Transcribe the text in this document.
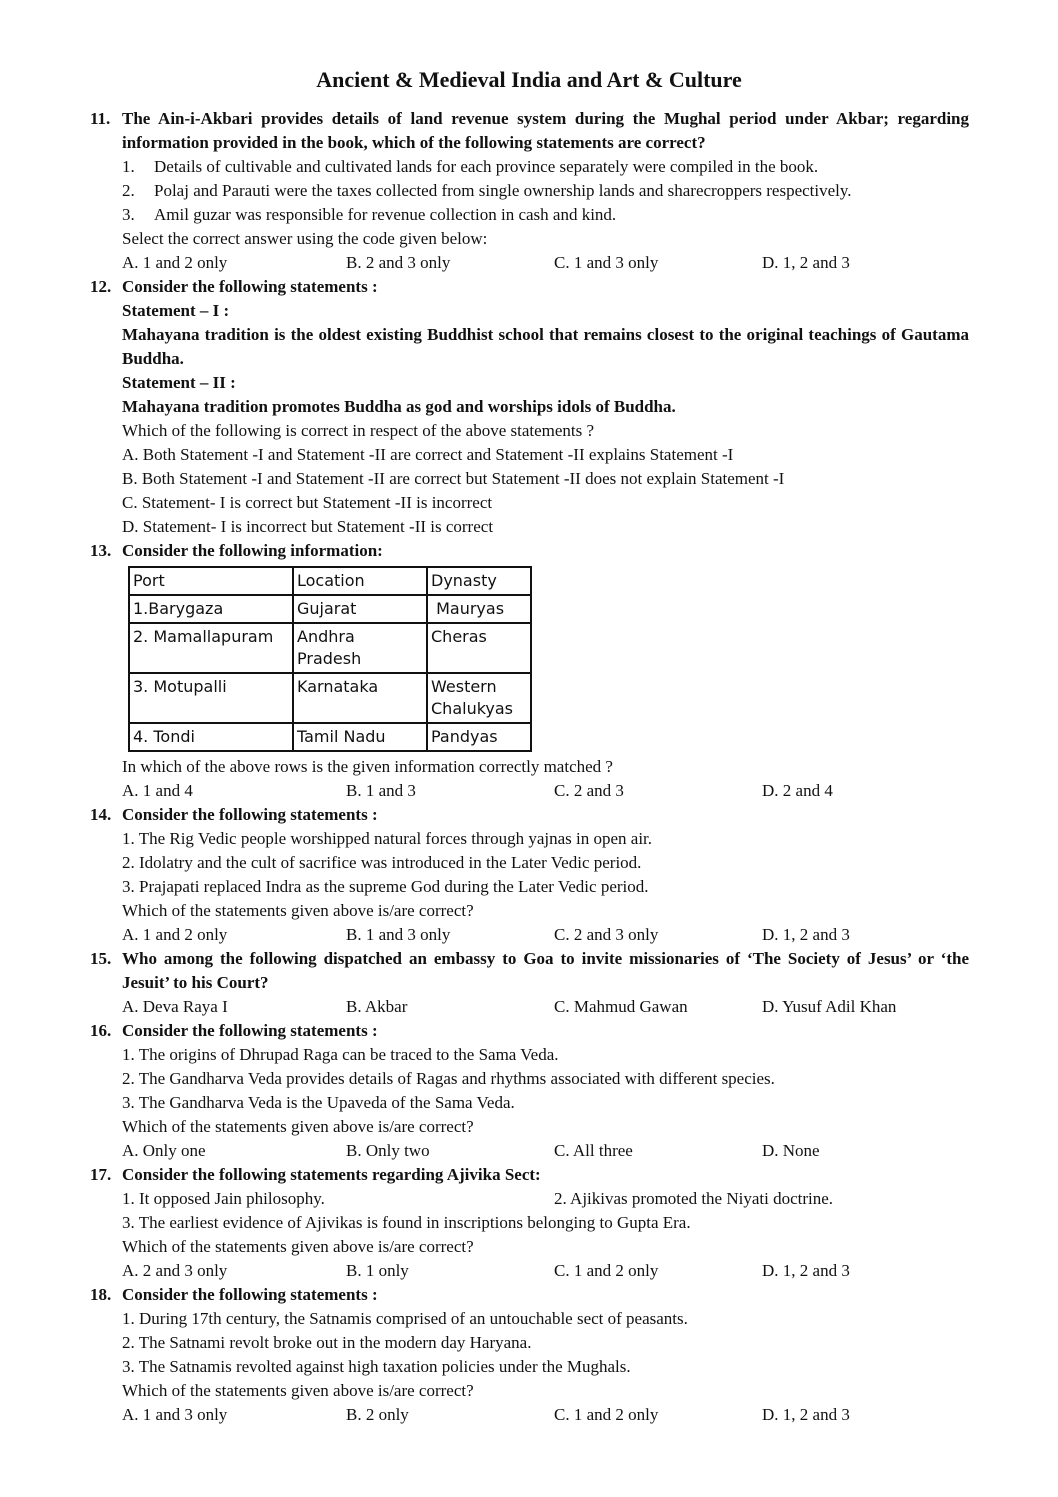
Ancient & Medieval India and Art & Culture
11. The Ain-i-Akbari provides details of land revenue system during the Mughal period under Akbar; regarding information provided in the book, which of the following statements are correct?
1.	Details of cultivable and cultivated lands for each province separately were compiled in the book.
2.	Polaj and Parauti were the taxes collected from single ownership lands and sharecroppers respectively.
3.	Amil guzar was responsible for revenue collection in cash and kind.
Select the correct answer using the code given below:
A. 1 and 2 only	B. 2 and 3 only	C. 1 and 3 only	D. 1, 2 and 3
12. Consider the following statements :
Statement – I :
Mahayana tradition is the oldest existing Buddhist school that remains closest to the original teachings of Gautama Buddha.
Statement – II :
Mahayana tradition promotes Buddha as god and worships idols of Buddha.
Which of the following is correct in respect of the above statements ?
A. Both Statement -I and Statement -II are correct and Statement -II explains Statement -I
B. Both Statement -I and Statement -II are correct but Statement -II does not explain Statement -I
C. Statement- I is correct but Statement -II is incorrect
D. Statement- I is incorrect but Statement -II is correct
13. Consider the following information:
Port	Location	Dynasty
1.Barygaza	Gujarat	Mauryas
2. Mamallapuram	Andhra Pradesh	Cheras
3. Motupalli	Karnataka	Western Chalukyas
4. Tondi	Tamil Nadu	Pandyas
In which of the above rows is the given information correctly matched ?
A. 1 and 4	B. 1 and 3	C. 2 and 3	D. 2 and 4
14. Consider the following statements :
1. The Rig Vedic people worshipped natural forces through yajnas in open air.
2. Idolatry and the cult of sacrifice was introduced in the Later Vedic period.
3. Prajapati replaced Indra as the supreme God during the Later Vedic period.
Which of the statements given above is/are correct?
A. 1 and 2 only	B. 1 and 3 only	C. 2 and 3 only	D. 1, 2 and 3
15. Who among the following dispatched an embassy to Goa to invite missionaries of ‘The Society of Jesus’ or ‘the Jesuit’ to his Court?
A. Deva Raya I	B. Akbar	C. Mahmud Gawan	D. Yusuf Adil Khan
16. Consider the following statements :
1. The origins of Dhrupad Raga can be traced to the Sama Veda.
2. The Gandharva Veda provides details of Ragas and rhythms associated with different species.
3. The Gandharva Veda is the Upaveda of the Sama Veda.
Which of the statements given above is/are correct?
A. Only one	B. Only two	C. All three	D. None
17. Consider the following statements regarding Ajivika Sect:
1. It opposed Jain philosophy.	2. Ajikivas promoted the Niyati doctrine.
3. The earliest evidence of Ajivikas is found in inscriptions belonging to Gupta Era.
Which of the statements given above is/are correct?
A. 2 and 3 only	B. 1 only	C. 1 and 2 only	D. 1, 2 and 3
18. Consider the following statements :
1. During 17th century, the Satnamis comprised of an untouchable sect of peasants.
2. The Satnami revolt broke out in the modern day Haryana.
3. The Satnamis revolted against high taxation policies under the Mughals.
Which of the statements given above is/are correct?
A. 1 and 3 only	B. 2 only	C. 1 and 2 only	D. 1, 2 and 3
